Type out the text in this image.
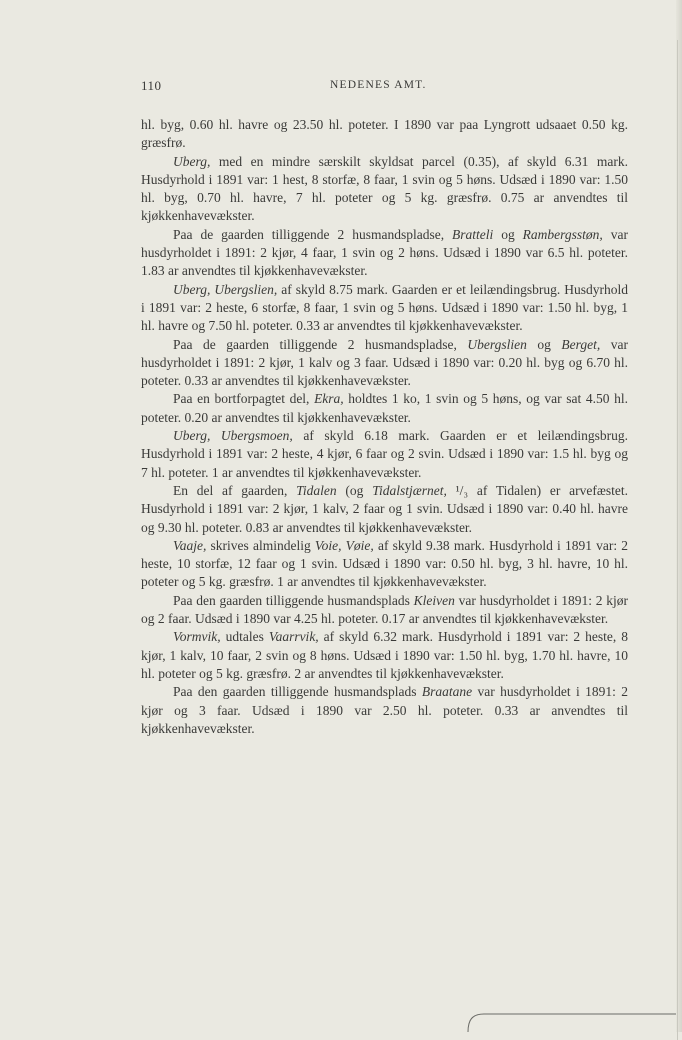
110	NEDENES AMT.

hl. byg, 0.60 hl. havre og 23.50 hl. poteter. I 1890 var paa Lyngrott udsaaet 0.50 kg. græsfrø.

Uberg, med en mindre særskilt skyldsat parcel (0.35), af skyld 6.31 mark. Husdyrhold i 1891 var: 1 hest, 8 storfæ, 8 faar, 1 svin og 5 høns. Udsæd i 1890 var: 1.50 hl. byg, 0.70 hl. havre, 7 hl. poteter og 5 kg. græsfrø. 0.75 ar anvendtes til kjøkkenhavevækster.

Paa de gaarden tilliggende 2 husmandspladse, Bratteli og Rambergsstøn, var husdyrholdet i 1891: 2 kjør, 4 faar, 1 svin og 2 høns. Udsæd i 1890 var 6.5 hl. poteter. 1.83 ar anvendtes til kjøkkenhavevækster.

Uberg, Ubergslien, af skyld 8.75 mark. Gaarden er et leilændingsbrug. Husdyrhold i 1891 var: 2 heste, 6 storfæ, 8 faar, 1 svin og 5 høns. Udsæd i 1890 var: 1.50 hl. byg, 1 hl. havre og 7.50 hl. poteter. 0.33 ar anvendtes til kjøkkenhavevækster.

Paa de gaarden tilliggende 2 husmandspladse, Ubergslien og Berget, var husdyrholdet i 1891: 2 kjør, 1 kalv og 3 faar. Udsæd i 1890 var: 0.20 hl. byg og 6.70 hl. poteter. 0.33 ar anvendtes til kjøkkenhavevækster.

Paa en bortforpagtet del, Ekra, holdtes 1 ko, 1 svin og 5 høns, og var sat 4.50 hl. poteter. 0.20 ar anvendtes til kjøkkenhavevækster.

Uberg, Ubergsmoen, af skyld 6.18 mark. Gaarden er et leilændingsbrug. Husdyrhold i 1891 var: 2 heste, 4 kjør, 6 faar og 2 svin. Udsæd i 1890 var: 1.5 hl. byg og 7 hl. poteter. 1 ar anvendtes til kjøkkenhavevækster.

En del af gaarden, Tidalen (og Tidalstjærnet, ¹/₃ af Tidalen) er arvefæstet. Husdyrhold i 1891 var: 2 kjør, 1 kalv, 2 faar og 1 svin. Udsæd i 1890 var: 0.40 hl. havre og 9.30 hl. poteter. 0.83 ar anvendtes til kjøkkenhavevækster.

Vaaje, skrives almindelig Voie, Vøie, af skyld 9.38 mark. Husdyrhold i 1891 var: 2 heste, 10 storfæ, 12 faar og 1 svin. Udsæd i 1890 var: 0.50 hl. byg, 3 hl. havre, 10 hl. poteter og 5 kg. græsfrø. 1 ar anvendtes til kjøkkenhavevækster.

Paa den gaarden tilliggende husmandsplads Kleiven var husdyrholdet i 1891: 2 kjør og 2 faar. Udsæd i 1890 var 4.25 hl. poteter. 0.17 ar anvendtes til kjøkkenhavevækster.

Vormvik, udtales Vaarrvik, af skyld 6.32 mark. Husdyrhold i 1891 var: 2 heste, 8 kjør, 1 kalv, 10 faar, 2 svin og 8 høns. Udsæd i 1890 var: 1.50 hl. byg, 1.70 hl. havre, 10 hl. poteter og 5 kg. græsfrø. 2 ar anvendtes til kjøkkenhavevækster.

Paa den gaarden tilliggende husmandsplads Braatane var husdyrholdet i 1891: 2 kjør og 3 faar. Udsæd i 1890 var 2.50 hl. poteter. 0.33 ar anvendtes til kjøkkenhavevækster.
